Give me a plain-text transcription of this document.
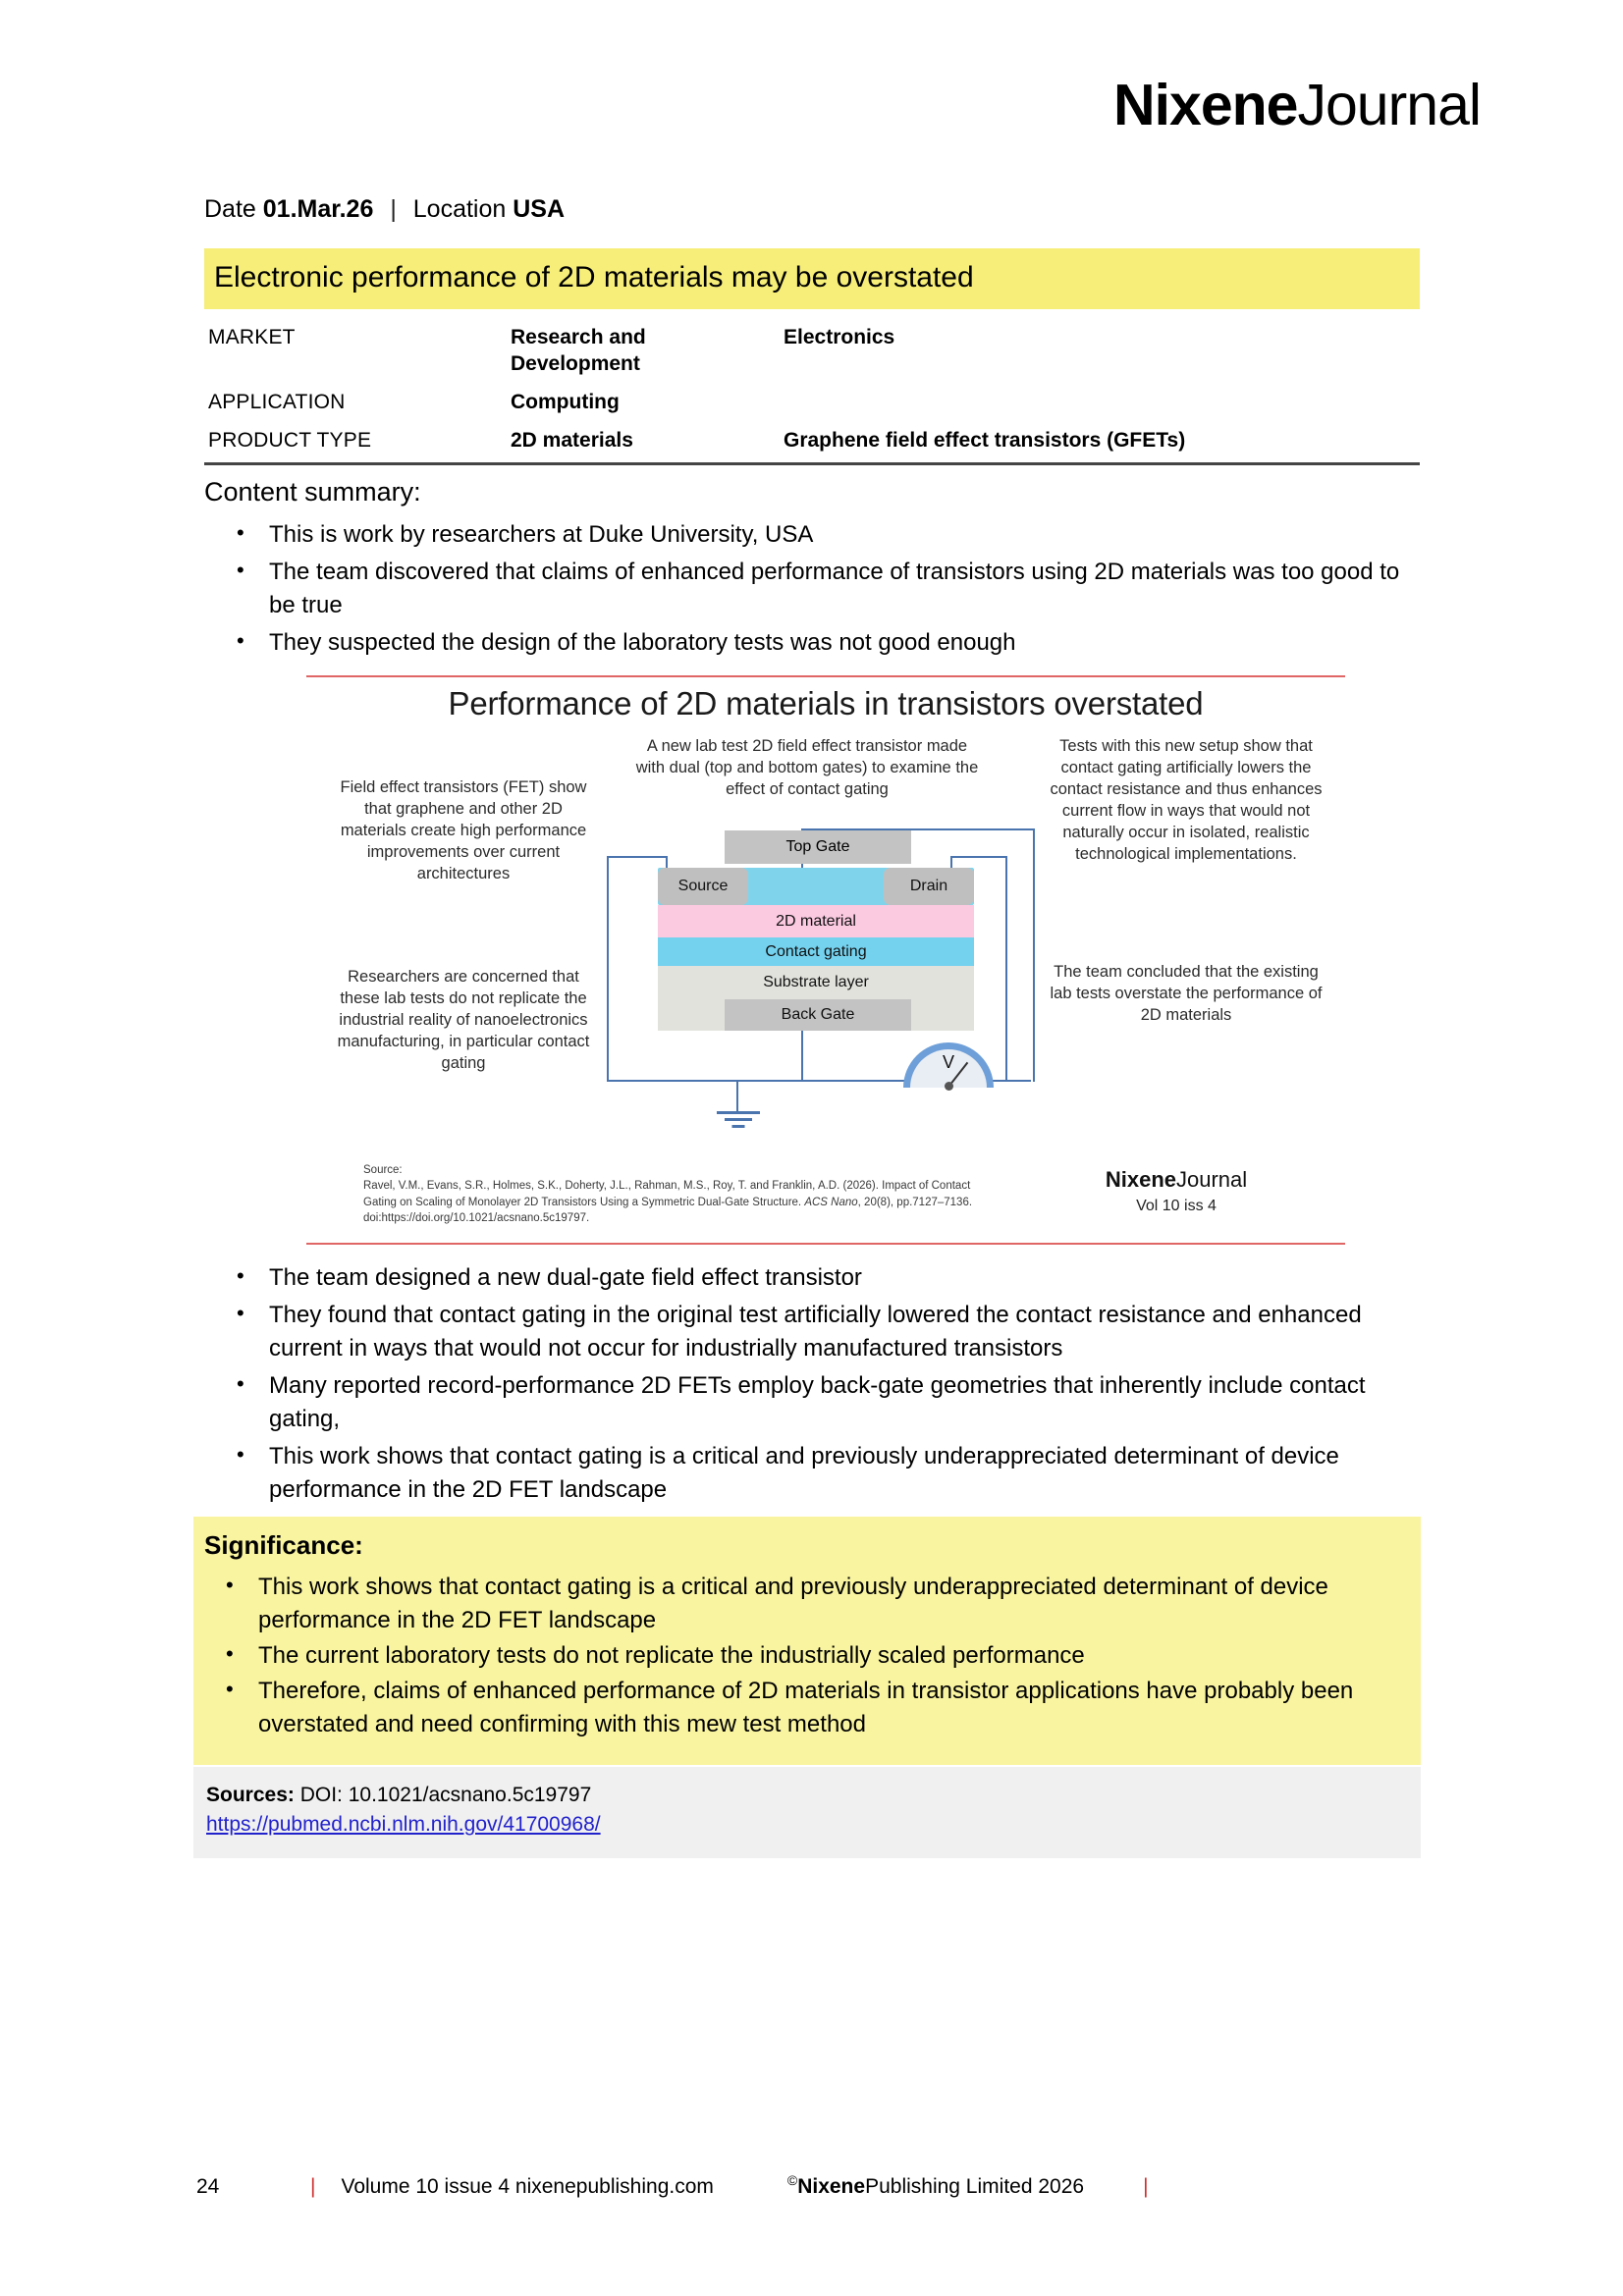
NixeneJournal
Date 01.Mar.26 | Location USA
Electronic performance of 2D materials may be overstated
MARKET	Research and Development	Electronics
APPLICATION	Computing	
PRODUCT TYPE	2D materials	Graphene field effect transistors (GFETs)
Content summary:
• This is work by researchers at Duke University, USA
• The team discovered that claims of enhanced performance of transistors using 2D materials was too good to be true
• They suspected the design of the laboratory tests was not good enough
Performance of 2D materials in transistors overstated
Field effect transistors (FET) show that graphene and other 2D materials create high performance improvements over current architectures
Researchers are concerned that these lab tests do not replicate the industrial reality of nanoelectronics manufacturing, in particular contact gating
A new lab test 2D field effect transistor made with dual (top and bottom gates) to examine the effect of contact gating
Tests with this new setup show that contact gating artificially lowers the contact resistance and thus enhances current flow in ways that would not naturally occur in isolated, realistic technological implementations.
The team concluded that the existing lab tests overstate the performance of 2D materials
Substrate layer
Back Gate
Contact gating
2D material
Source	Drain
Top Gate
V
Source:
Ravel, V.M., Evans, S.R., Holmes, S.K., Doherty, J.L., Rahman, M.S., Roy, T. and Franklin, A.D. (2026). Impact of Contact Gating on Scaling of Monolayer 2D Transistors Using a Symmetric Dual-Gate Structure. ACS Nano, 20(8), pp.7127–7136. doi:https://doi.org/10.1021/acsnano.5c19797.
NixeneJournal
Vol 10 iss 4
• The team designed a new dual-gate field effect transistor
• They found that contact gating in the original test artificially lowered the contact resistance and enhanced current in ways that would not occur for industrially manufactured transistors
• Many reported record-performance 2D FETs employ back-gate geometries that inherently include contact gating,
• This work shows that contact gating is a critical and previously underappreciated determinant of device performance in the 2D FET landscape
Significance:
• This work shows that contact gating is a critical and previously underappreciated determinant of device performance in the 2D FET landscape
• The current laboratory tests do not replicate the industrially scaled performance
• Therefore, claims of enhanced performance of 2D materials in transistor applications have probably been overstated and need confirming with this mew test method
Sources: DOI: 10.1021/acsnano.5c19797
https://pubmed.ncbi.nlm.nih.gov/41700968/
24	| Volume 10 issue 4 nixenepublishing.com	©NixenePublishing Limited 2026	|
